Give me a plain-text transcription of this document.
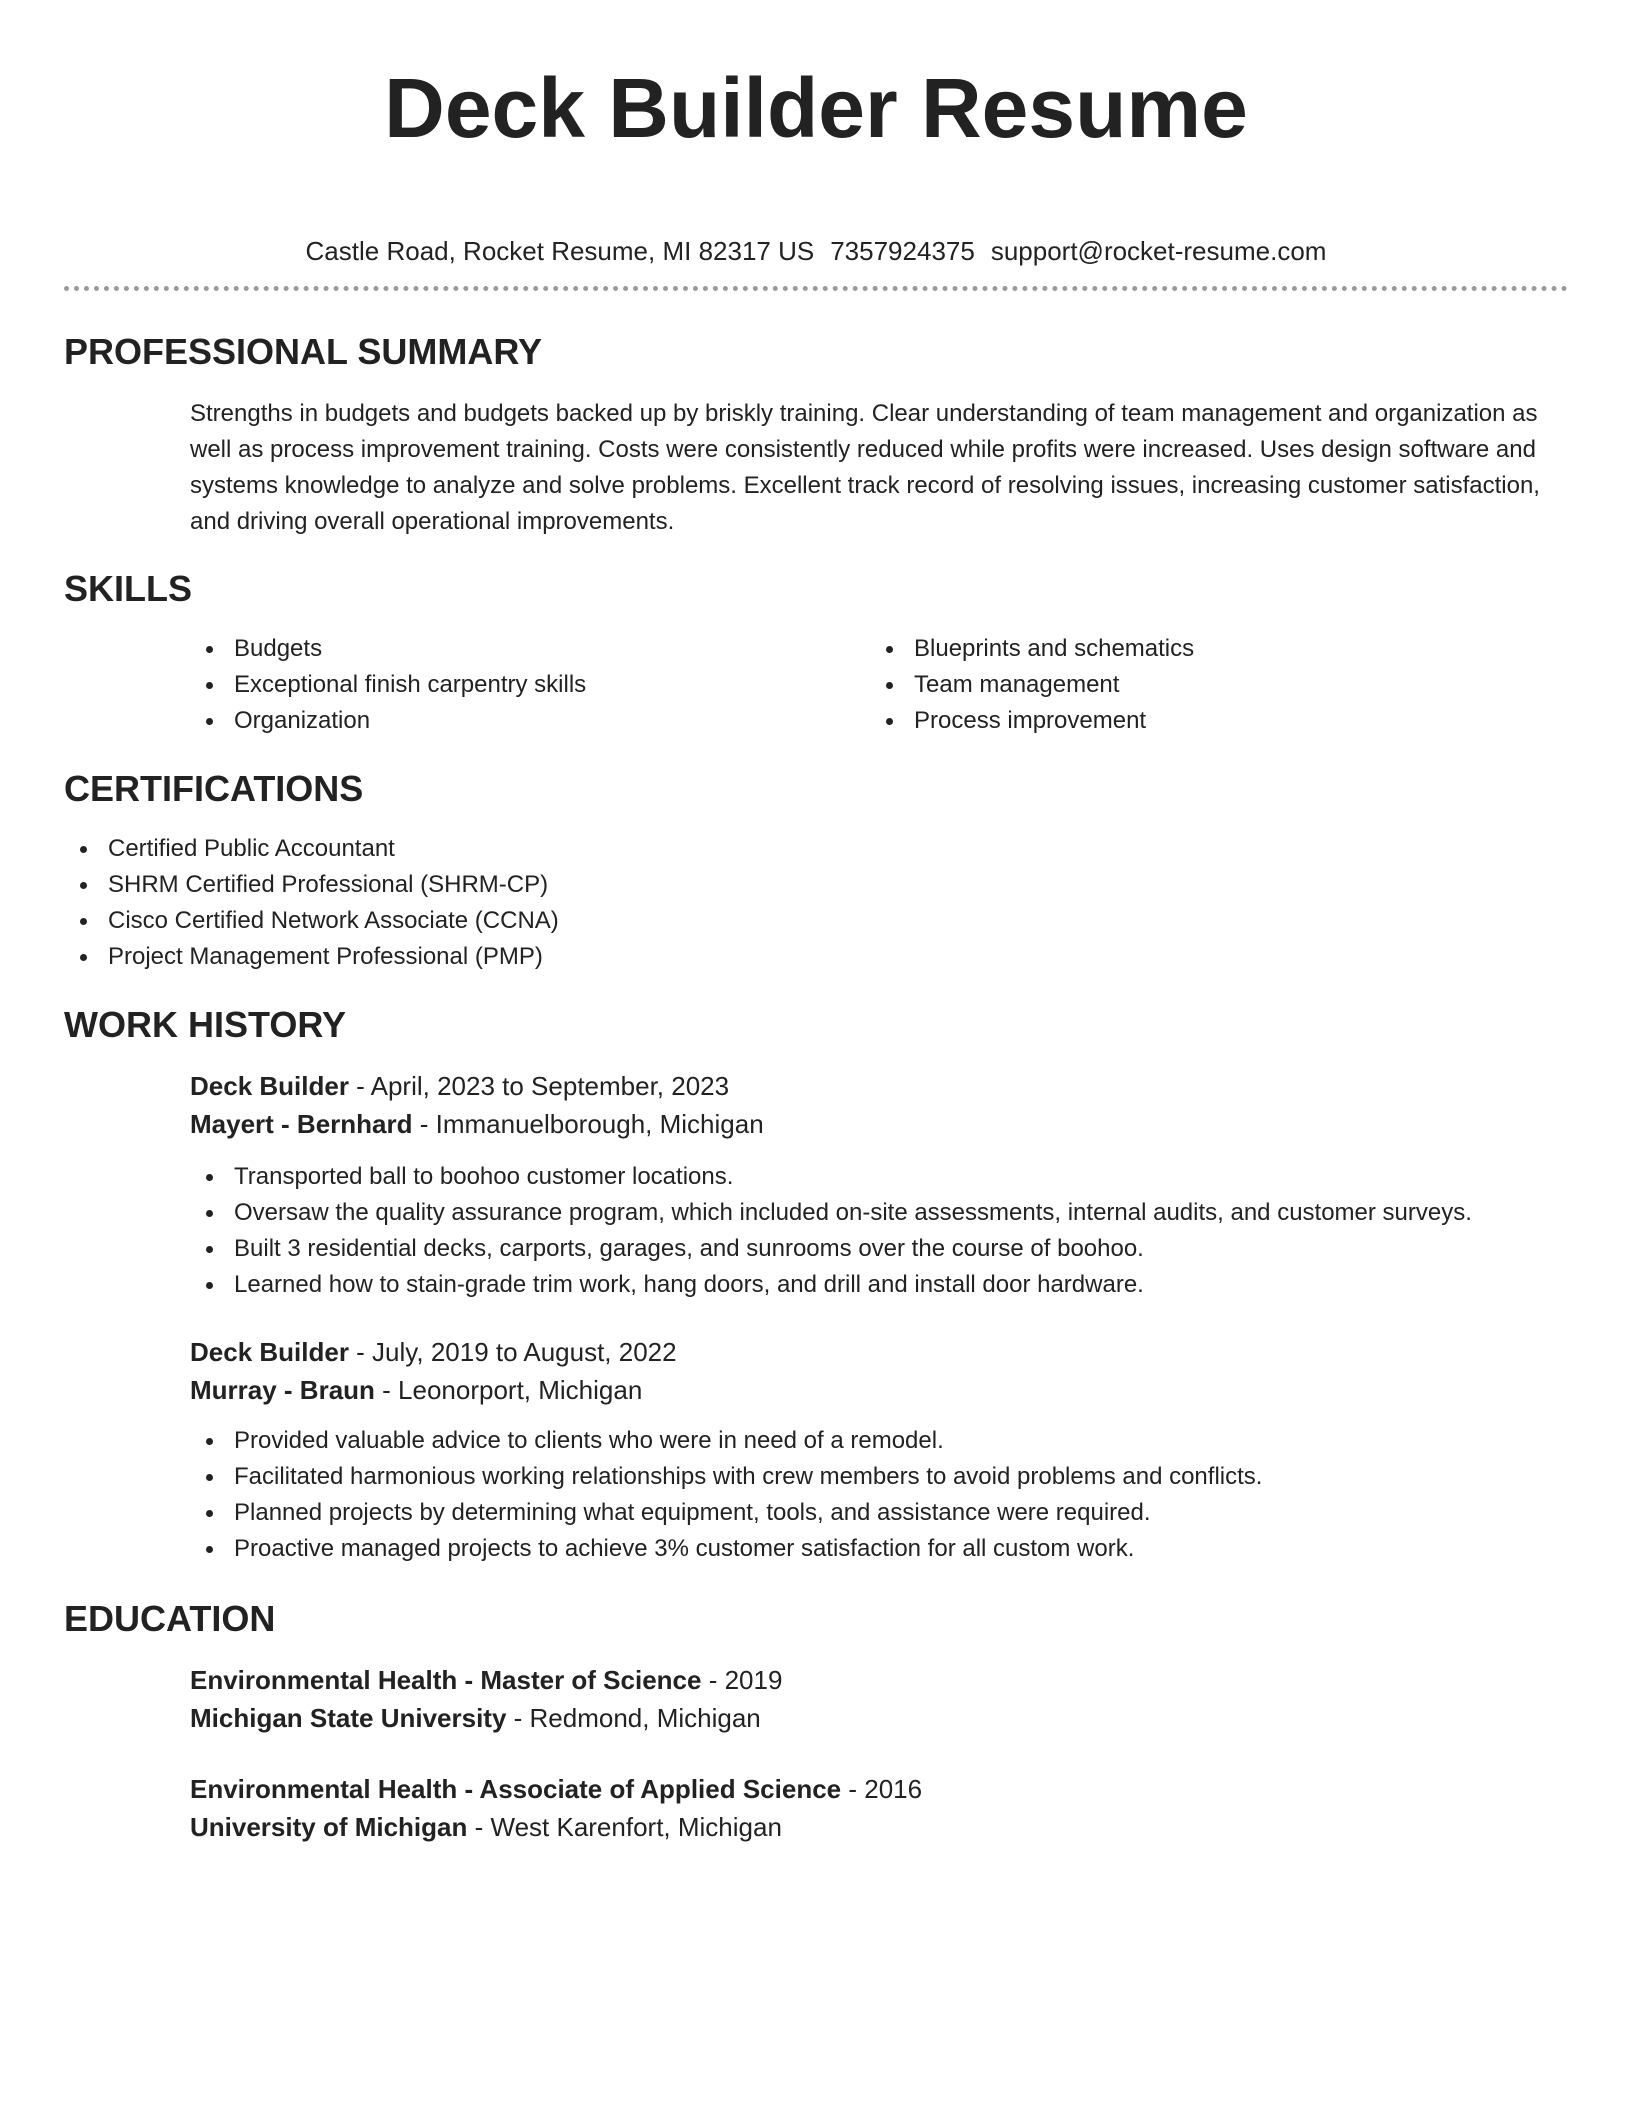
Deck Builder Resume
Castle Road, Rocket Resume, MI 82317 US 7357924375 support@rocket-resume.com
PROFESSIONAL SUMMARY

Strengths in budgets and budgets backed up by briskly training. Clear understanding of team management and organization as well as process improvement training. Costs were consistently reduced while profits were increased. Uses design software and systems knowledge to analyze and solve problems. Excellent track record of resolving issues, increasing customer satisfaction, and driving overall operational improvements.

SKILLS
Budgets
Exceptional finish carpentry skills
Organization
Blueprints and schematics
Team management
Process improvement
CERTIFICATIONS
Certified Public Accountant
SHRM Certified Professional (SHRM-CP)
Cisco Certified Network Associate (CCNA)
Project Management Professional (PMP)
WORK HISTORY
Deck Builder - April, 2023 to September, 2023
Mayert - Bernhard - Immanuelborough, Michigan
Transported ball to boohoo customer locations.
Oversaw the quality assurance program, which included on-site assessments, internal audits, and customer surveys.
Built 3 residential decks, carports, garages, and sunrooms over the course of boohoo.
Learned how to stain-grade trim work, hang doors, and drill and install door hardware.
Deck Builder - July, 2019 to August, 2022
Murray - Braun - Leonorport, Michigan
Provided valuable advice to clients who were in need of a remodel.
Facilitated harmonious working relationships with crew members to avoid problems and conflicts.
Planned projects by determining what equipment, tools, and assistance were required.
Proactive managed projects to achieve 3% customer satisfaction for all custom work.
EDUCATION
Environmental Health - Master of Science - 2019
Michigan State University - Redmond, Michigan
Environmental Health - Associate of Applied Science - 2016
University of Michigan - West Karenfort, Michigan
